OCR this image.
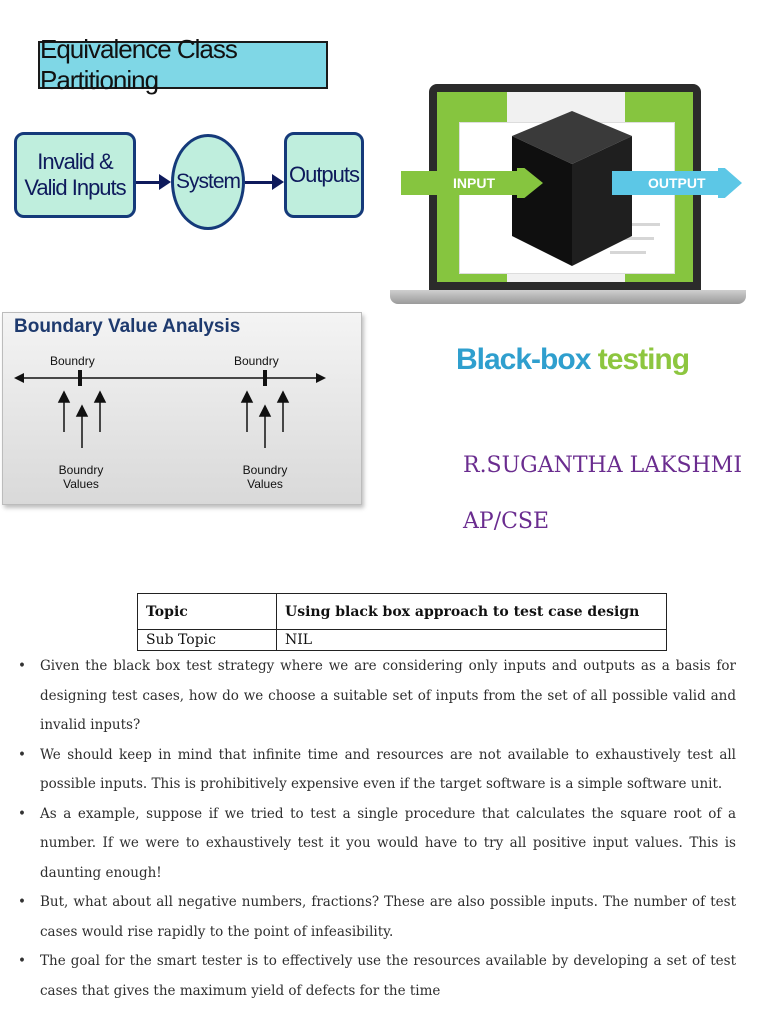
Equivalence Class Partitioning
Invalid &
Valid Inputs System Outputs	INPUT	OUTPUT
Black-box testing
Boundary Value Analysis
Boundry	Boundry
Boundry
Values
Boundry
Values
R.SUGANTHA LAKSHMI
AP/CSE
Topic	Using black box approach to test case design
Sub Topic	NIL
• Given the black box test strategy where we are considering only inputs and outputs as a basis for designing test cases, how do we choose a suitable set of inputs from the set of all possible valid and invalid inputs?
• We should keep in mind that infinite time and resources are not available to exhaustively test all possible inputs. This is prohibitively expensive even if the target software is a simple software unit.
• As a example, suppose if we tried to test a single procedure that calculates the square root of a number. If we were to exhaustively test it you would have to try all positive input values. This is daunting enough!
• But, what about all negative numbers, fractions? These are also possible inputs. The number of test cases would rise rapidly to the point of infeasibility.
• The goal for the smart tester is to effectively use the resources available by developing a set of test cases that gives the maximum yield of defects for the time
